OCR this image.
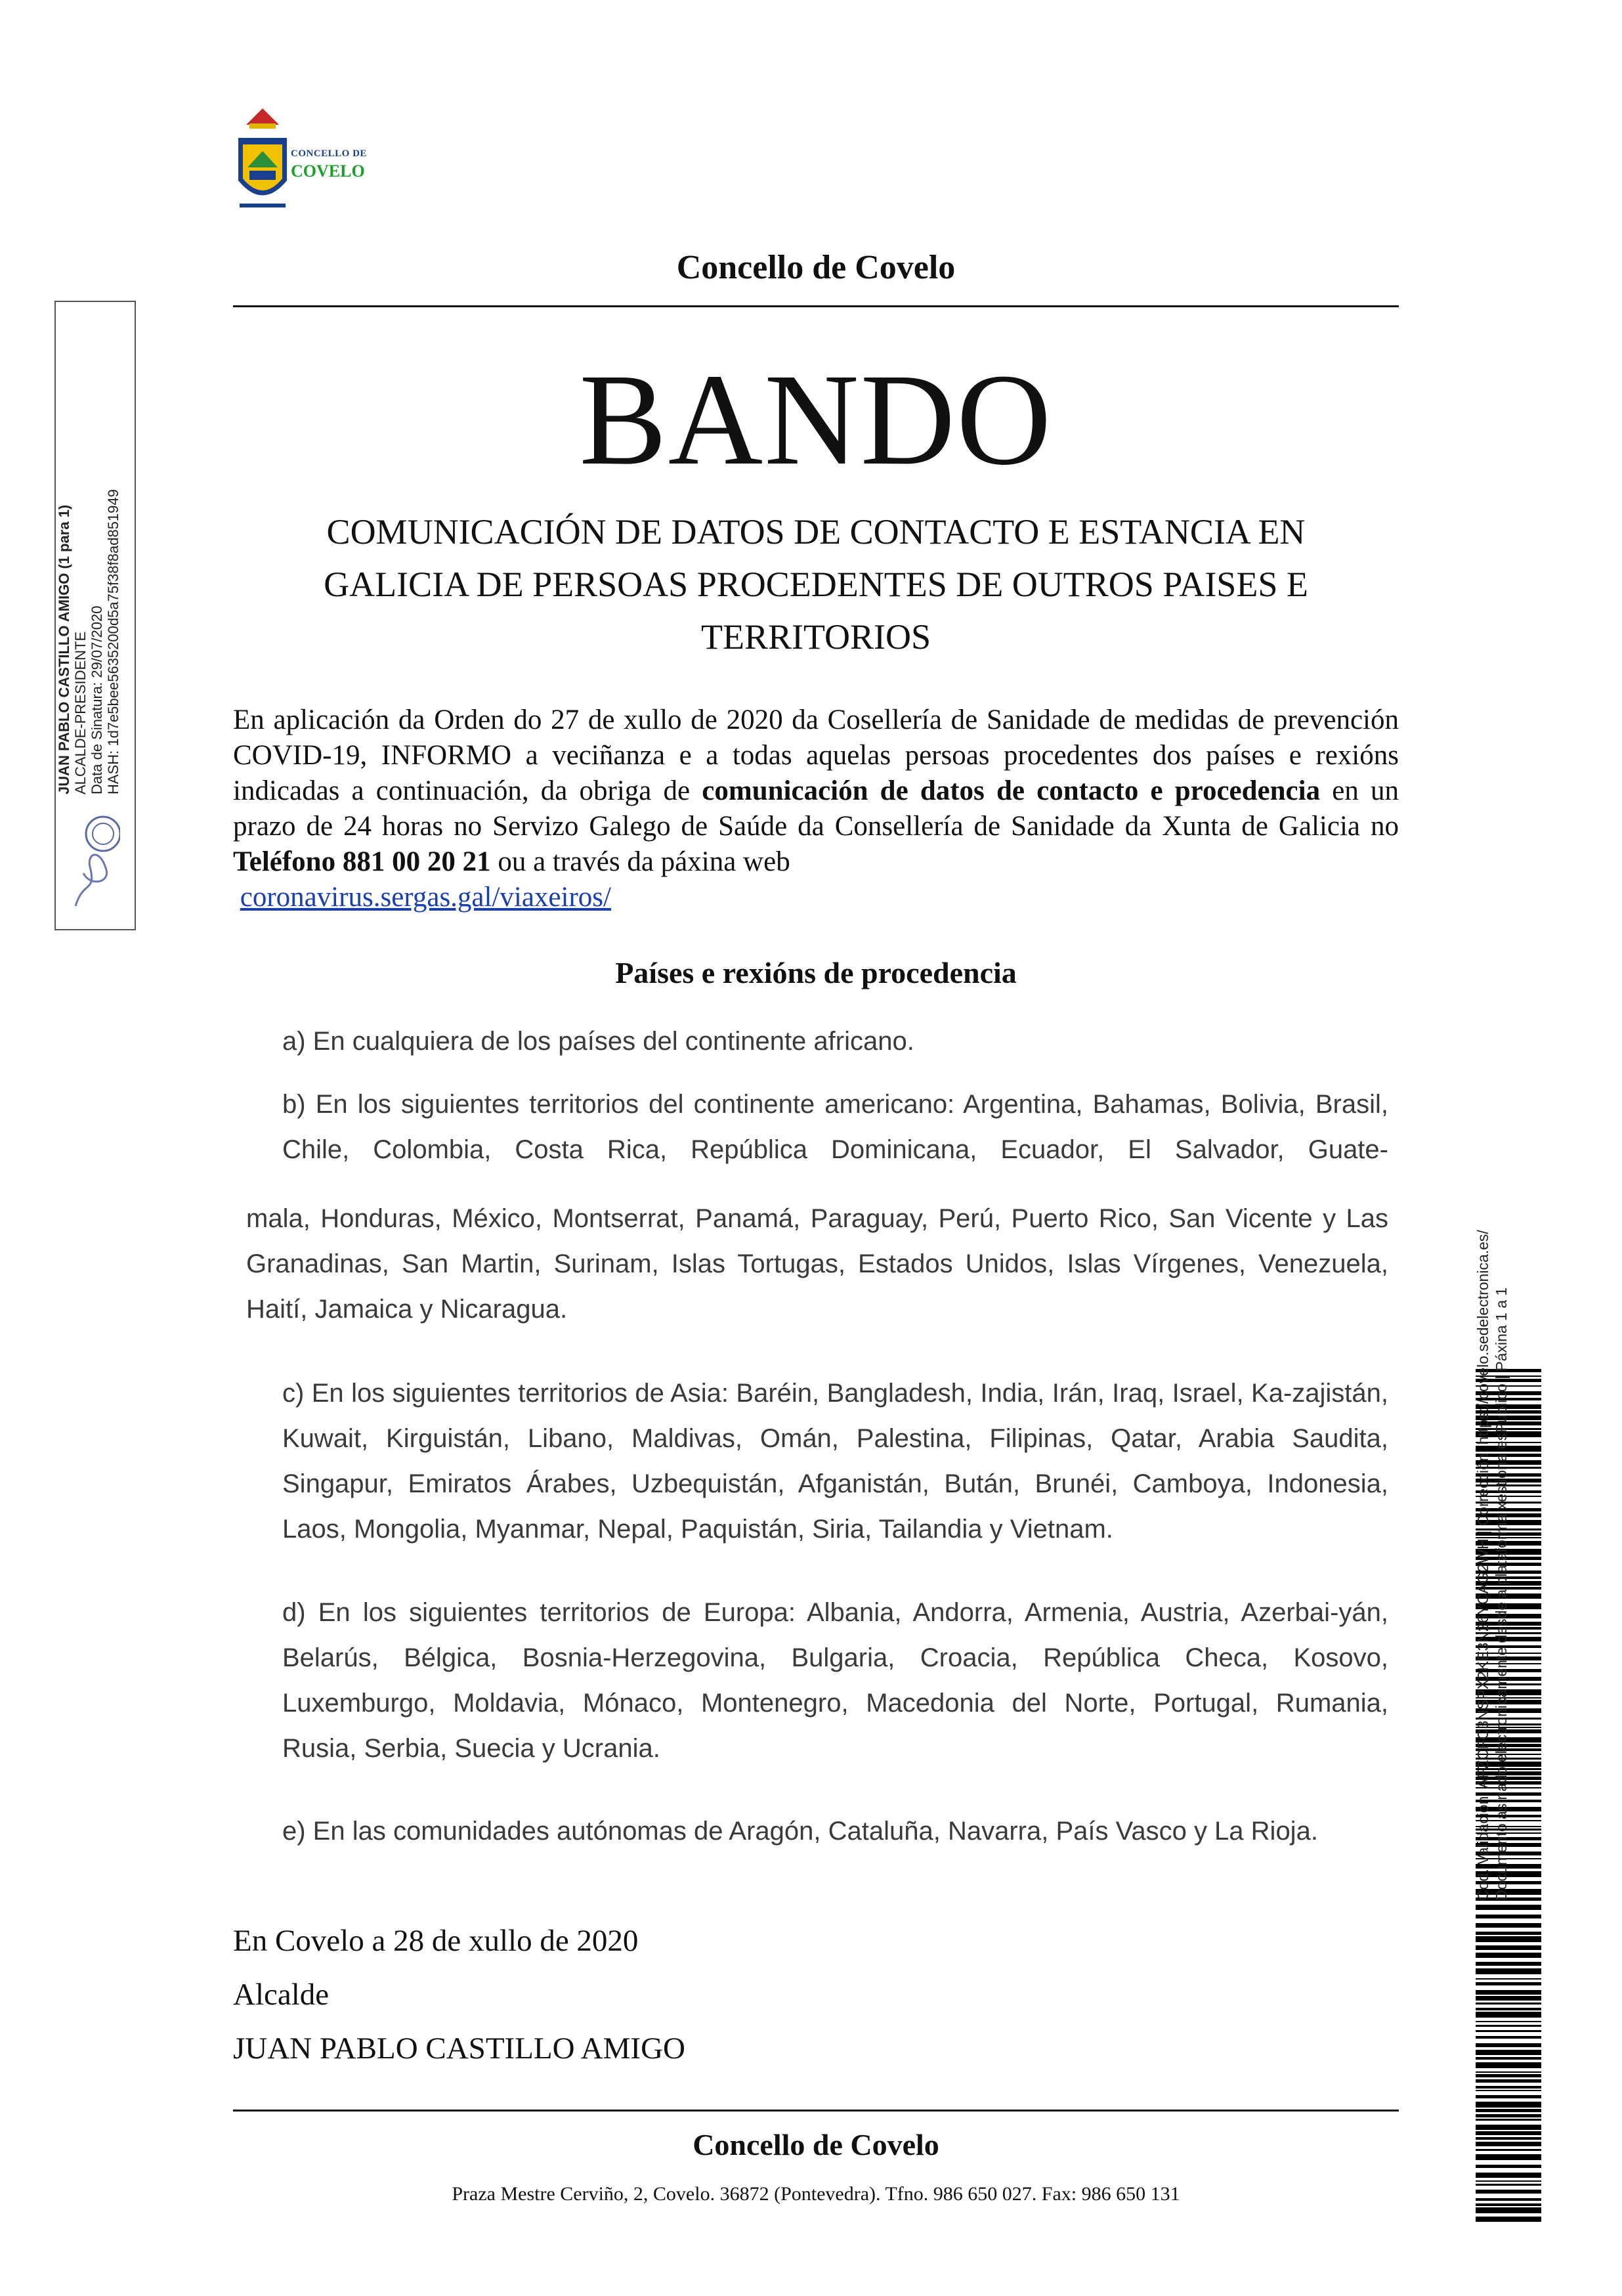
CONCELLO DE
COVELO
Concello de Covelo
BANDO
COMUNICACIÓN DE DATOS DE CONTACTO E ESTANCIA EN
GALICIA DE PERSOAS PROCEDENTES DE OUTROS PAISES E
TERRITORIOS
En aplicación da Orden do 27 de xullo de 2020 da Cosellería de Sanidade de medidas de prevención COVID-19, INFORMO a veciñanza e a todas aquelas persoas procedentes dos países e rexións indicadas a continuación, da obriga de comunicación de datos de contacto e procedencia en un prazo de 24 horas no Servizo Galego de Saúde da Consellería de Sanidade da Xunta de Galicia no Teléfono 881 00 20 21 ou a través da páxina web
coronavirus.sergas.gal/viaxeiros/
Países e rexións de procedencia
a) En cualquiera de los países del continente africano.
b) En los siguientes territorios del continente americano: Argentina, Bahamas, Bolivia, Brasil, Chile, Colombia, Costa Rica, República Dominicana, Ecuador, El Salvador, Guate-
mala, Honduras, México, Montserrat, Panamá, Paraguay, Perú, Puerto Rico, San Vicente y Las Granadinas, San Martin, Surinam, Islas Tortugas, Estados Unidos, Islas Vírgenes, Venezuela, Haití, Jamaica y Nicaragua.
c) En los siguientes territorios de Asia: Baréin, Bangladesh, India, Irán, Iraq, Israel, Ka-zajistán, Kuwait, Kirguistán, Libano, Maldivas, Omán, Palestina, Filipinas, Qatar, Arabia Saudita, Singapur, Emiratos Árabes, Uzbequistán, Afganistán, Bután, Brunéi, Camboya, Indonesia, Laos, Mongolia, Myanmar, Nepal, Paquistán, Siria, Tailandia y Vietnam.
d) En los siguientes territorios de Europa: Albania, Andorra, Armenia, Austria, Azerbai-yán, Belarús, Bélgica, Bosnia-Herzegovina, Bulgaria, Croacia, República Checa, Kosovo, Luxemburgo, Moldavia, Mónaco, Montenegro, Macedonia del Norte, Portugal, Rumania, Rusia, Serbia, Suecia y Ucrania.
e) En las comunidades autónomas de Aragón, Cataluña, Navarra, País Vasco y La Rioja.
En Covelo a 28 de xullo de 2020
Alcalde
JUAN PABLO CASTILLO AMIGO
Concello de Covelo
Praza Mestre Cerviño, 2, Covelo. 36872 (Pontevedra). Tfno. 986 650 027. Fax: 986 650 131
JUAN PABLO CASTILLO AMIGO (1 para 1) ALCALDE-PRESIDENTE Data de Sinatura: 29/07/2020 HASH: 1d7e5bee5635200d5a75f38f8ad851949
Cod. Validación: AFZCFC3NSPX2KE3N26YCAG2WH | Corrección: https://covelo.sedelectronica.es/ Documento asinado electronicamente desde a plataforma xestiona esPublico | Páxina 1 a 1
